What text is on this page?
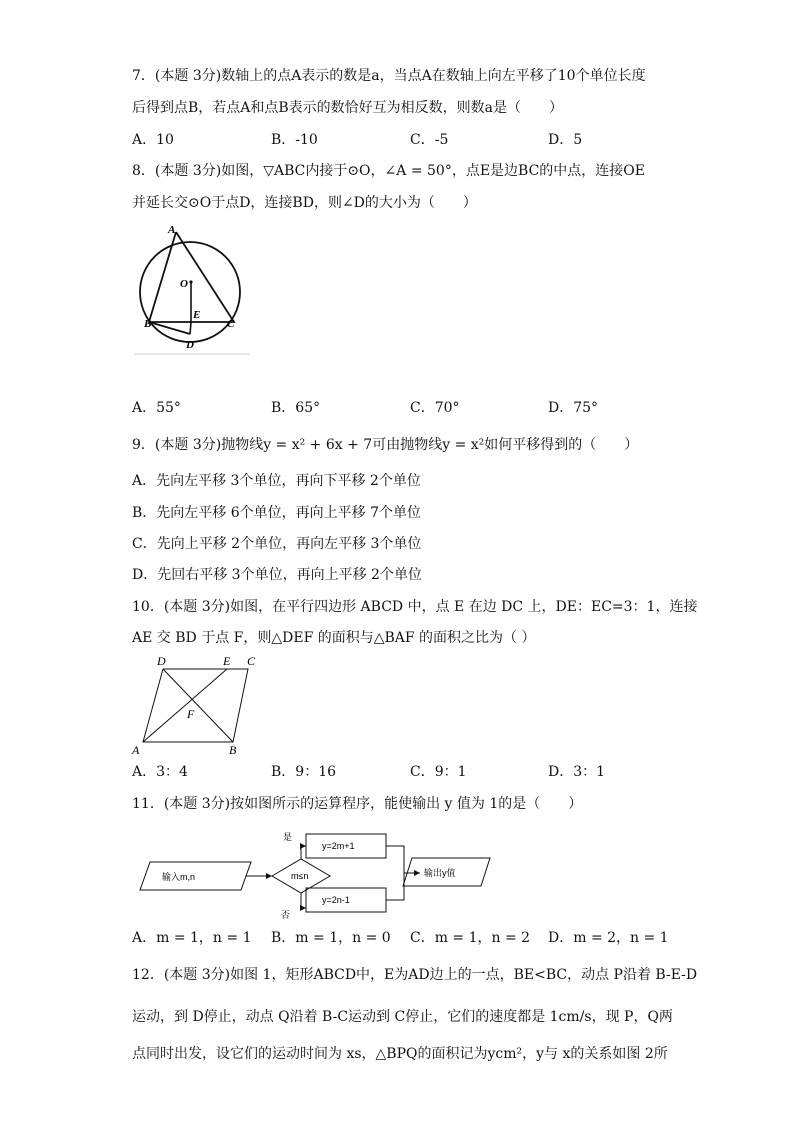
7．(本题 3分)数轴上的点A表示的数是a，当点A在数轴上向左平移了10个单位长度
后得到点B，若点A和点B表示的数恰好互为相反数，则数a是（　　）
A．10	B．-10	C．-5	D．5
8．(本题 3分)如图，▽ABC内接于⊙O，∠A = 50°，点E是边BC的中点，连接OE
并延长交⊙O于点D，连接BD，则∠D的大小为（　　）
A
O
E
B	C
D
A．55°	B．65°	C．70°	D．75°
9．(本题 3分)抛物线y = x² + 6x + 7可由抛物线y = x²如何平移得到的（　　）
A．先向左平移 3个单位，再向下平移 2个单位
B．先向左平移 6个单位，再向上平移 7个单位
C．先向上平移 2个单位，再向左平移 3个单位
D．先回右平移 3个单位，再向上平移 2个单位
10．(本题 3分)如图，在平行四边形 ABCD 中，点 E 在边 DC 上，DE：EC=3：1，连接
AE 交 BD 于点 F，则△DEF 的面积与△BAF 的面积之比为（ ）
D	E C
F
A	B
A．3：4	B．9：16	C．9：1	D．3：1
11．(本题 3分)按如图所示的运算程序，能使输出 y 值为 1的是（　　）
输入m,n	m≤n
是
y=2m+1
否
y=2n-1
输出y值
A．m = 1，n = 1 B．m = 1，n = 0 C．m = 1，n = 2 D．m = 2，n = 1
12．(本题 3分)如图 1，矩形ABCD中，E为AD边上的一点，BE<BC，动点 P沿着 B-E-D
运动，到 D停止，动点 Q沿着 B-C运动到 C停止，它们的速度都是 1cm/s，现 P，Q两
点同时出发，设它们的运动时间为 xs，△BPQ的面积记为ycm²，y与 x的关系如图 2所
